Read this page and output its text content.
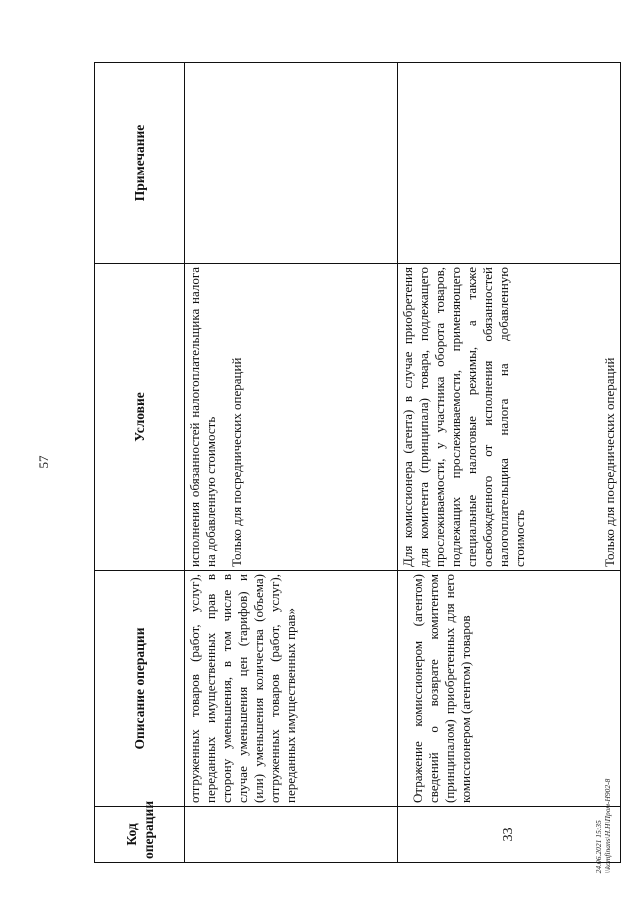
57
Код операции	Описание операции	Условие	Примечание
	отгруженных товаров (работ, услуг), переданных имущественных прав в сторону уменьшения, в том числе в случае уменьшения цен (тарифов) и (или) уменьшения количества (объема) отгруженных товаров (работ, услуг), переданных имущественных прав»	исполнения обязанностей налогоплательщика налога на добавленную стоимость Только для посреднических операций	

33	Отражение комиссионером (агентом) сведений о возврате комитентом (принципалом) приобретенных для него комиссионером (агентом) товаров	Для комиссионера (агента) в случае приобретения для комитента (принципала) товара, подлежащего прослеживаемости, у участника оборота товаров, подлежащих прослеживаемости, применяющего специальные налоговые режимы, а также освобожденного от исполнения обязанностей налогоплательщика налога на добавленную стоимость Только для посреднических операций	

24.06.2021 15:35 \\komfinans\Н.Н\Пром-Н902-8
